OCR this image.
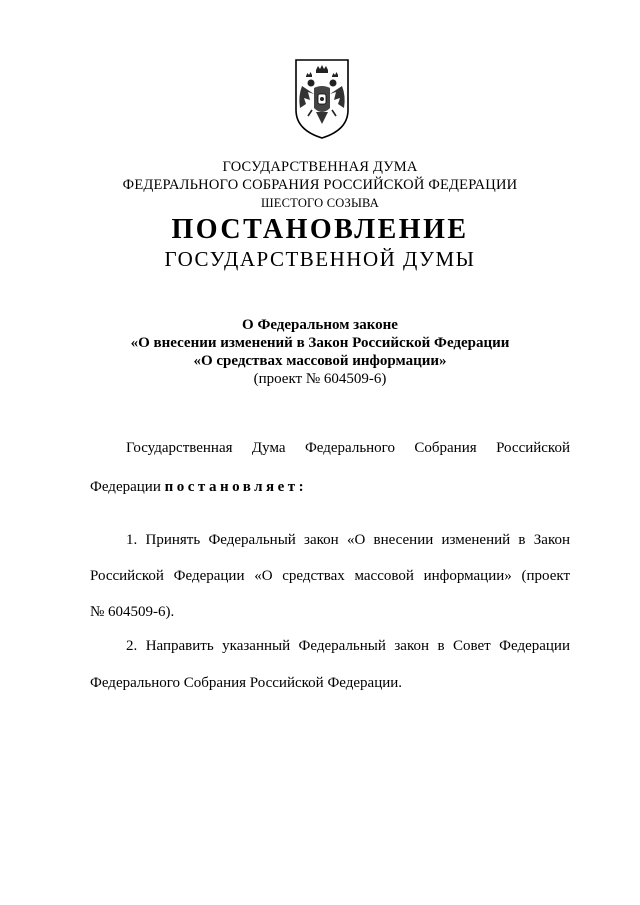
ГОСУДАРСТВЕННАЯ ДУМА
ФЕДЕРАЛЬНОГО СОБРАНИЯ РОССИЙСКОЙ ФЕДЕРАЦИИ
ШЕСТОГО СОЗЫВА
ПОСТАНОВЛЕНИЕ
ГОСУДАРСТВЕННОЙ ДУМЫ
О Федеральном законе
«О внесении изменений в Закон Российской Федерации
«О средствах массовой информации»
(проект № 604509-6)
Государственная Дума Федерального Собрания Российской
Федерации постановляет:
1. Принять Федеральный закон «О внесении изменений в Закон
Российской Федерации «О средствах массовой информации» (проект
№ 604509-6).
2. Направить указанный Федеральный закон в Совет Федерации
Федерального Собрания Российской Федерации.
